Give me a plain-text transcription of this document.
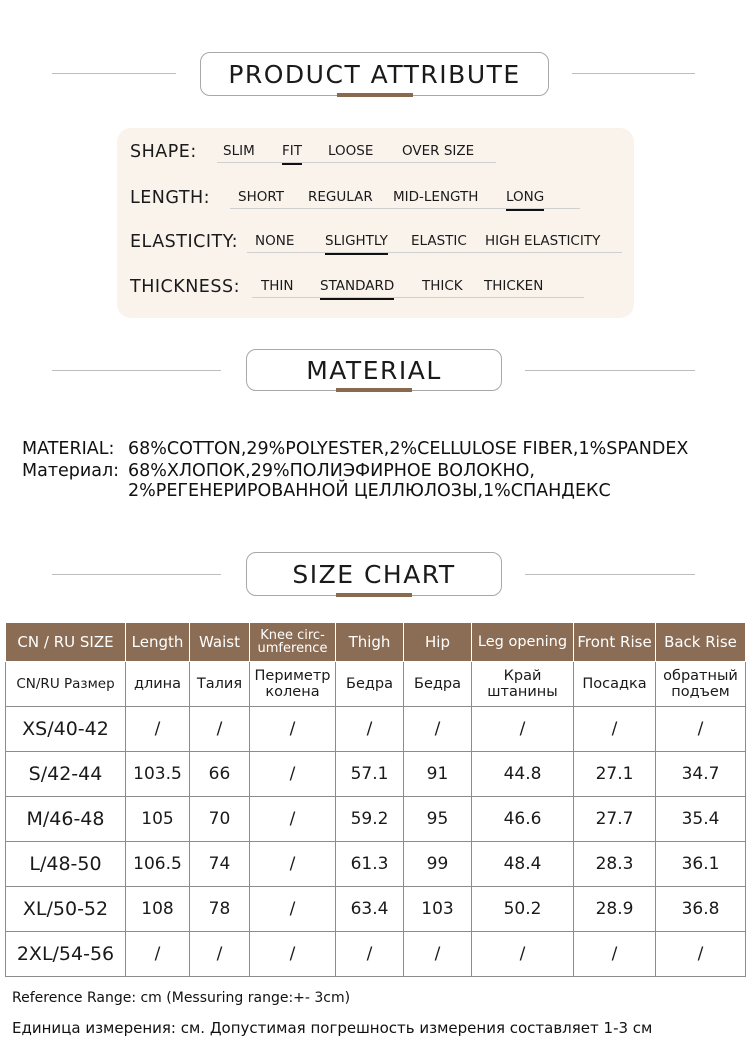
PRODUCT ATTRIBUTE
SHAPE: SLIM FIT LOOSE OVER SIZE
LENGTH: SHORT REGULAR MID-LENGTH LONG
ELASTICITY: NONE SLIGHTLY ELASTIC HIGH ELASTICITY
THICKNESS: THIN STANDARD THICK THICKEN
MATERIAL
MATERIAL: 68%COTTON,29%POLYESTER,2%CELLULOSE FIBER,1%SPANDEX
Материал: 68%ХЛОПОК,29%ПОЛИЭФИРНОЕ ВОЛОКНО,
2%РЕГЕНЕРИРОВАННОЙ ЦЕЛЛЮЛОЗЫ,1%СПАНДЕКС
SIZE CHART
CN / RU SIZE	Length	Waist	Knee circ-
umference	Thigh	Hip	Leg opening	Front Rise	Back Rise
CN/RU Размер	длина	Талия	Периметр
колена	Бедра	Бедра	Край
штанины	Посадка	обратный
подъем
XS/40-42	/	/	/	/	/	/	/	/
S/42-44	103.5	66	/	57.1	91	44.8	27.1	34.7
M/46-48	105	70	/	59.2	95	46.6	27.7	35.4
L/48-50	106.5	74	/	61.3	99	48.4	28.3	36.1
XL/50-52	108	78	/	63.4	103	50.2	28.9	36.8
2XL/54-56	/	/	/	/	/	/	/	/
Reference Range: cm (Messuring range:+- 3cm)
Единица измерения: см. Допустимая погрешность измерения составляет 1-3 см
